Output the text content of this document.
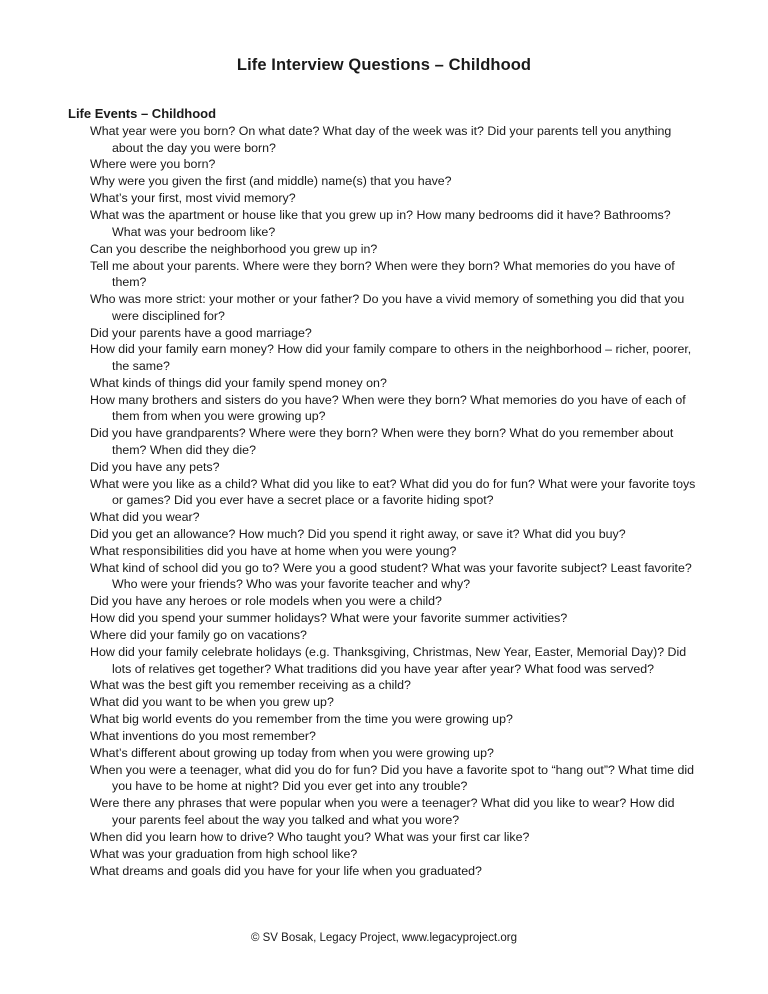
Life Interview Questions – Childhood
Life Events – Childhood
What year were you born? On what date? What day of the week was it? Did your parents tell you anything about the day you were born?
Where were you born?
Why were you given the first (and middle) name(s) that you have?
What’s your first, most vivid memory?
What was the apartment or house like that you grew up in? How many bedrooms did it have? Bathrooms? What was your bedroom like?
Can you describe the neighborhood you grew up in?
Tell me about your parents. Where were they born? When were they born? What memories do you have of them?
Who was more strict: your mother or your father? Do you have a vivid memory of something you did that you were disciplined for?
Did your parents have a good marriage?
How did your family earn money? How did your family compare to others in the neighborhood – richer, poorer, the same?
What kinds of things did your family spend money on?
How many brothers and sisters do you have? When were they born? What memories do you have of each of them from when you were growing up?
Did you have grandparents? Where were they born? When were they born? What do you remember about them? When did they die?
Did you have any pets?
What were you like as a child? What did you like to eat? What did you do for fun? What were your favorite toys or games? Did you ever have a secret place or a favorite hiding spot?
What did you wear?
Did you get an allowance? How much? Did you spend it right away, or save it? What did you buy?
What responsibilities did you have at home when you were young?
What kind of school did you go to? Were you a good student? What was your favorite subject? Least favorite? Who were your friends? Who was your favorite teacher and why?
Did you have any heroes or role models when you were a child?
How did you spend your summer holidays? What were your favorite summer activities?
Where did your family go on vacations?
How did your family celebrate holidays (e.g. Thanksgiving, Christmas, New Year, Easter, Memorial Day)? Did lots of relatives get together? What traditions did you have year after year? What food was served?
What was the best gift you remember receiving as a child?
What did you want to be when you grew up?
What big world events do you remember from the time you were growing up?
What inventions do you most remember?
What’s different about growing up today from when you were growing up?
When you were a teenager, what did you do for fun? Did you have a favorite spot to “hang out”? What time did you have to be home at night? Did you ever get into any trouble?
Were there any phrases that were popular when you were a teenager? What did you like to wear? How did your parents feel about the way you talked and what you wore?
When did you learn how to drive? Who taught you? What was your first car like?
What was your graduation from high school like?
What dreams and goals did you have for your life when you graduated?

© SV Bosak, Legacy Project, www.legacyproject.org
